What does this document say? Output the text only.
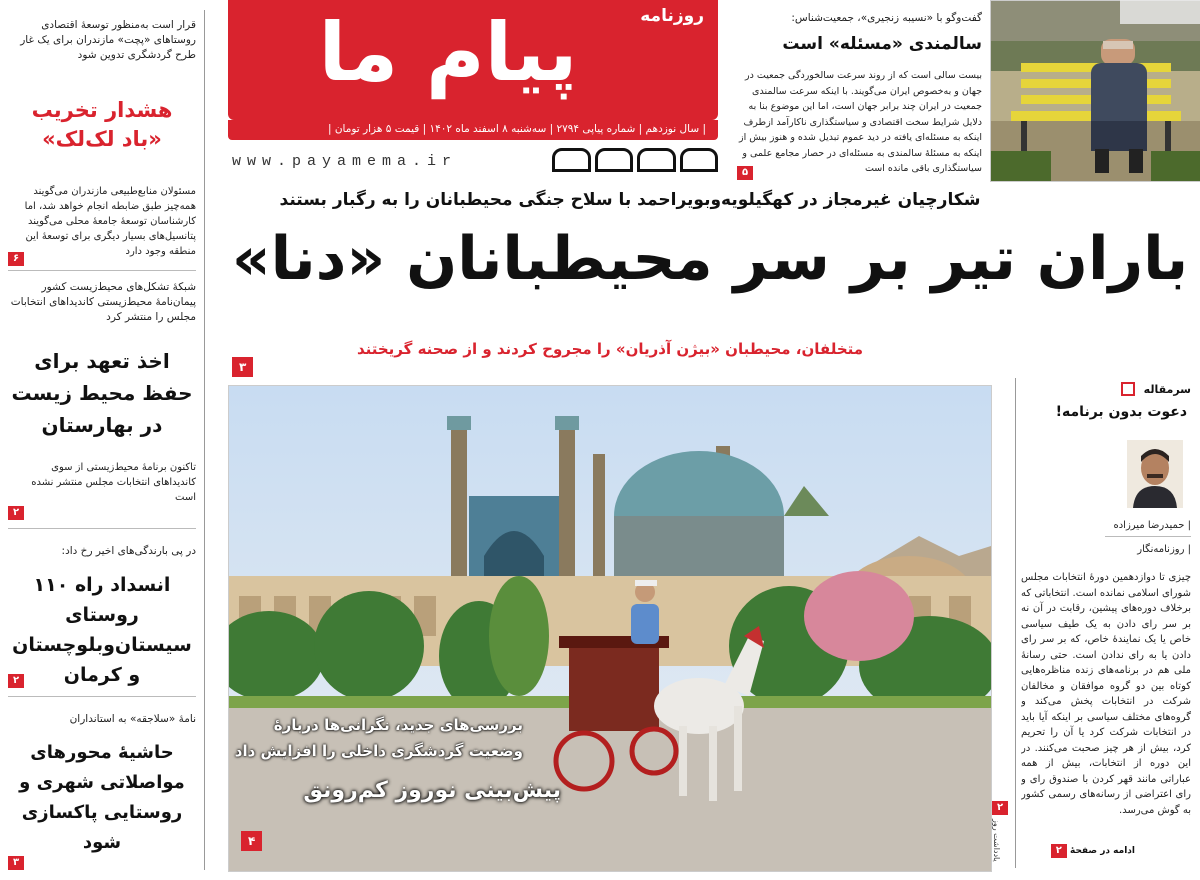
قرار است به‌منظور توسعۀ اقتصادی روستاهای «پچت» مازندران برای یک غار طرح گردشگری تدوین شود
هشدار تخریب «باد لک‌لک»
مسئولان منابع‌طبیعی مازندران می‌گویند همه‌چیز طبق ضابطه انجام خواهد شد، اما کارشناسان توسعۀ جامعۀ محلی می‌گویند پتانسیل‌های بسیار دیگری برای توسعۀ این منطقه وجود دارد
۶
شبکۀ تشکل‌های محیط‌زیست کشور پیمان‌نامۀ محیط‌زیستی کاندیداهای انتخابات مجلس را منتشر کرد
اخذ تعهد برای حفظ محیط زیست در بهارستان
تاکنون برنامۀ محیط‌زیستی از سوی کاندیداهای انتخابات مجلس منتشر نشده است
۲
در پی بارندگی‌های اخیر رخ داد:
انسداد راه ۱۱۰ روستای سیستان‌وبلوچستان و کرمان
۲
نامۀ «سلاجقه» به استانداران
حاشیۀ محورهای مواصلاتی شهری و روستایی پاکسازی شود
۳
روزنامه
پیام ما
| سال نوزدهم | شماره پیاپی ۲۷۹۴ | سه‌شنبه ۸ اسفند ماه ۱۴۰۲ | قیمت ۵ هزار تومان |
www.payamema.ir
گفت‌وگو با «نسیبه زنجیری»، جمعیت‌شناس:
سالمندی «مسئله» است
بیست سالی است که از روند سرعت سالخوردگی جمعیت در جهان و به‌خصوص ایران می‌گویند. با اینکه سرعت سالمندی جمعیت در ایران چند برابر جهان است، اما این موضوع بنا به دلایل شرایط سخت اقتصادی و سیاستگذاری ناکارآمد ازطرف اینکه به مسئله‌ای یافته در دید عموم تبدیل شده و هنوز بیش از اینکه به مسئلۀ سالمندی به مسئله‌ای در حصار مجامع علمی و سیاستگذاری باقی مانده است
۵
شکارچیان غیرمجاز در کهگیلویه‌وبویراحمد با سلاح جنگی محیطبانان را به رگبار بستند
باران تیر بر سر محیطبانان «دنا»
متخلفان، محیطبان «بیژن آذریان» را مجروح کردند و از صحنه گریختند
۳
بررسی‌های جدید، نگرانی‌ها دربارۀ
وضعیت گردشگری داخلی را افزایش داد
پیش‌بینی نوروز کم‌رونق
۴
۲
یادداشت روز
سرمقاله
دعوت بدون برنامه!
| حمیدرضا میرزاده
| روزنامه‌نگار
چیزی تا دوازدهمین دورۀ انتخابات مجلس شورای اسلامی نمانده است. انتخاباتی که برخلاف دوره‌های پیشین، رقابت در آن نه بر سر رای دادن به یک طیف سیاسی خاص یا یک نمایندۀ خاص، که بر سر رای دادن یا به رای ندادن است. حتی رسانۀ ملی هم در برنامه‌های زنده مناظره‌هایی کوتاه بین دو گروه موافقان و مخالفان شرکت در انتخابات پخش می‌کند و گروه‌های مختلف سیاسی بر اینکه آیا باید در انتخابات شرکت کرد یا آن را تحریم کرد، بیش از هر چیز صحبت می‌کنند. در این دوره از انتخابات، بیش از همه عباراتی مانند قهر کردن با صندوق رای و رای اعتراضی از رسانه‌های رسمی کشور به گوش می‌رسد.
ادامه در صفحۀ ۲
